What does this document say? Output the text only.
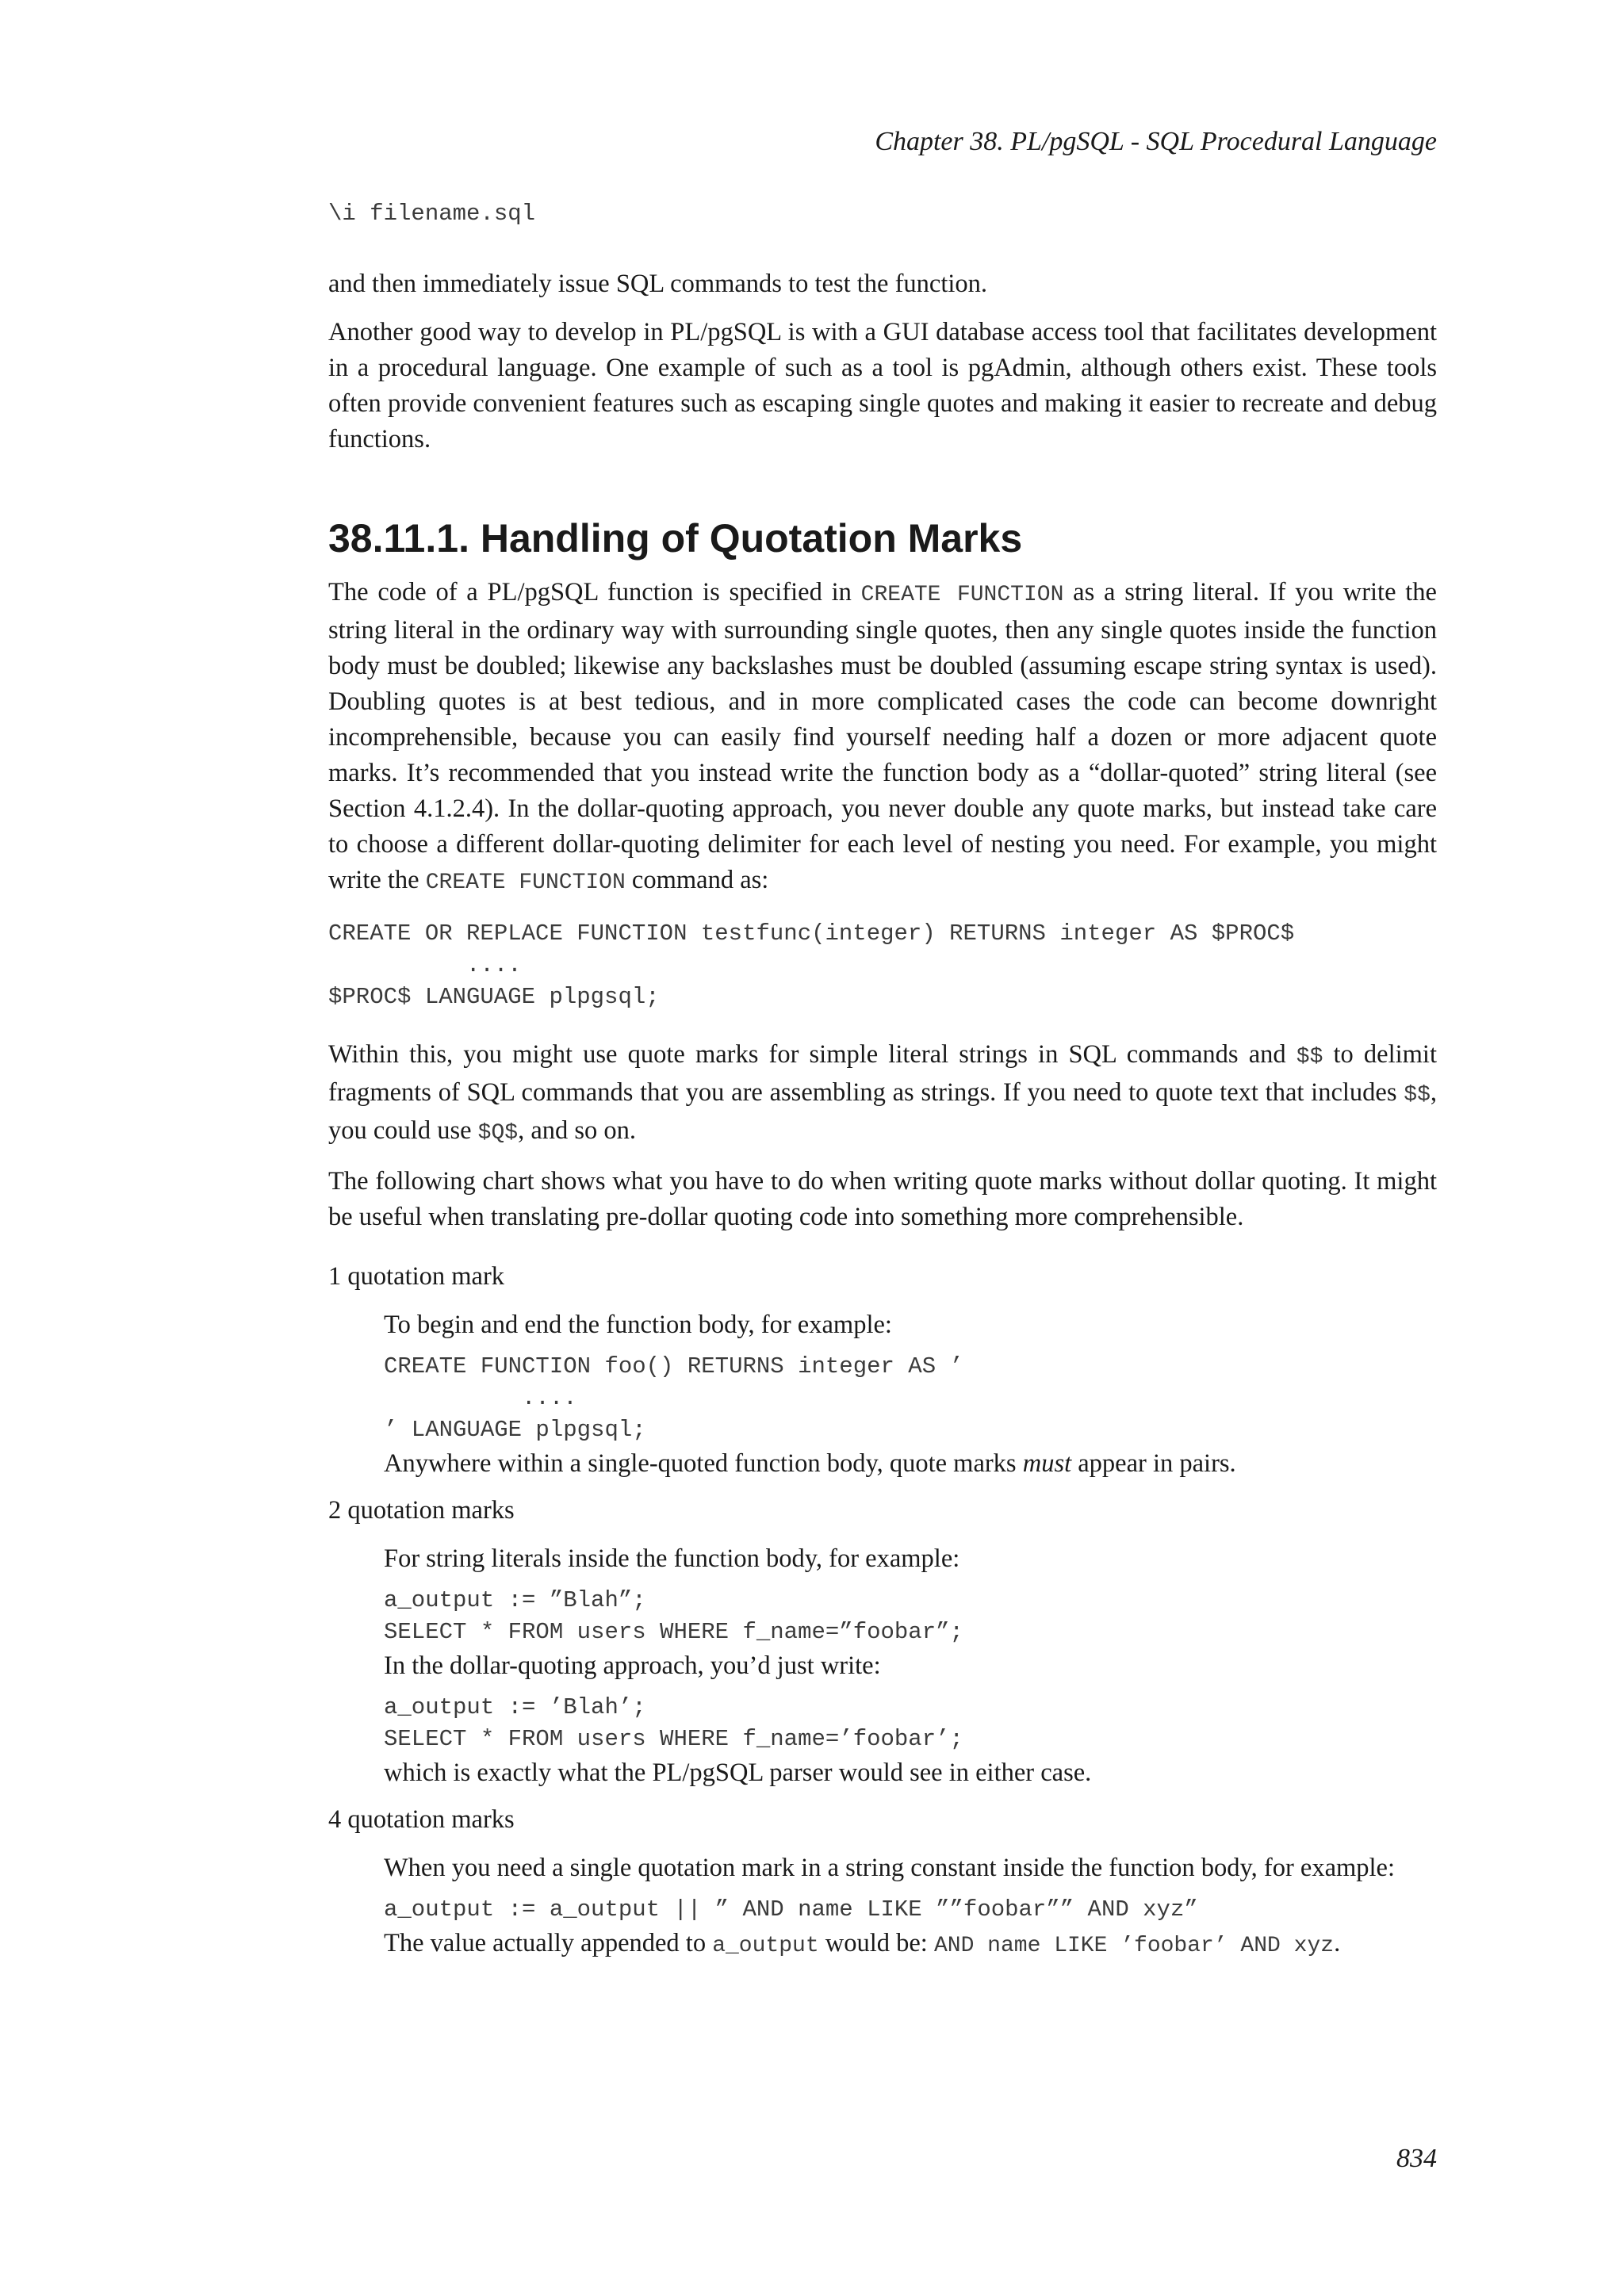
Chapter 38. PL/pgSQL - SQL Procedural Language
\i filename.sql

and then immediately issue SQL commands to test the function.

Another good way to develop in PL/pgSQL is with a GUI database access tool that facilitates development in a procedural language. One example of such as a tool is pgAdmin, although others exist. These tools often provide convenient features such as escaping single quotes and making it easier to recreate and debug functions.

38.11.1. Handling of Quotation Marks

The code of a PL/pgSQL function is specified in CREATE FUNCTION as a string literal. If you write the string literal in the ordinary way with surrounding single quotes, then any single quotes inside the function body must be doubled; likewise any backslashes must be doubled (assuming escape string syntax is used). Doubling quotes is at best tedious, and in more complicated cases the code can become downright incomprehensible, because you can easily find yourself needing half a dozen or more adjacent quote marks. It’s recommended that you instead write the function body as a “dollar-quoted” string literal (see Section 4.1.2.4). In the dollar-quoting approach, you never double any quote marks, but instead take care to choose a different dollar-quoting delimiter for each level of nesting you need. For example, you might write the CREATE FUNCTION command as:

CREATE OR REPLACE FUNCTION testfunc(integer) RETURNS integer AS $PROC$
....
$PROC$ LANGUAGE plpgsql;

Within this, you might use quote marks for simple literal strings in SQL commands and $$ to delimit fragments of SQL commands that you are assembling as strings. If you need to quote text that includes $$, you could use $Q$, and so on.

The following chart shows what you have to do when writing quote marks without dollar quoting. It might be useful when translating pre-dollar quoting code into something more comprehensible.

1 quotation mark

To begin and end the function body, for example:

CREATE FUNCTION foo() RETURNS integer AS ’
....
’ LANGUAGE plpgsql;

Anywhere within a single-quoted function body, quote marks must appear in pairs.

2 quotation marks

For string literals inside the function body, for example:

a_output := ”Blah”;
SELECT * FROM users WHERE f_name=”foobar”;

In the dollar-quoting approach, you’d just write:

a_output := ’Blah’;
SELECT * FROM users WHERE f_name=’foobar’;

which is exactly what the PL/pgSQL parser would see in either case.

4 quotation marks

When you need a single quotation mark in a string constant inside the function body, for example:

a_output := a_output || ” AND name LIKE ””foobar”” AND xyz”

The value actually appended to a_output would be: AND name LIKE ’foobar’ AND xyz.

834
